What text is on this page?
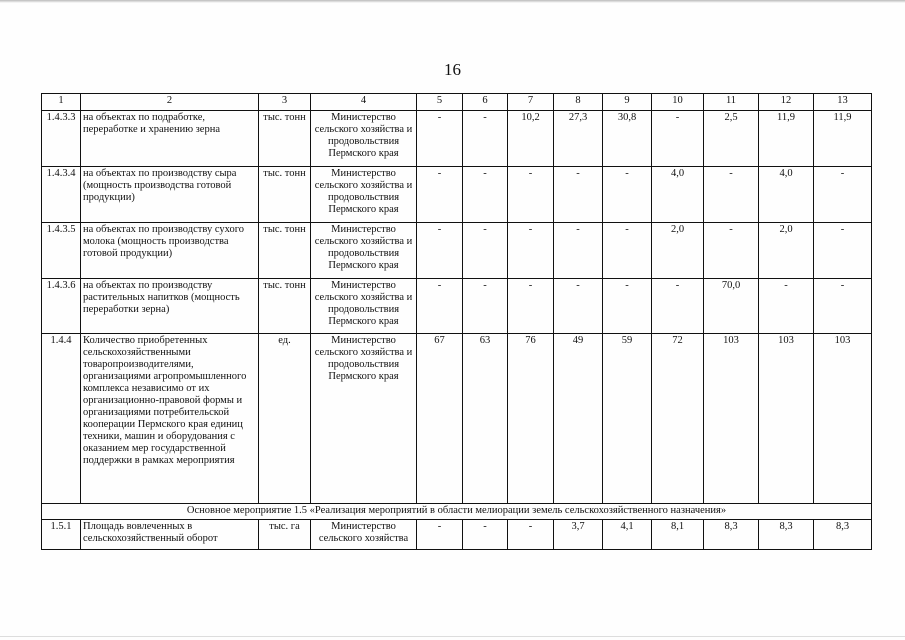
16
1	2	3	4	5	6	7	8	9	10	11	12	13
1.4.3.3	на объектах по подработке, переработке и хранению зерна	тыс. тонн	Министерство сельского хозяйства и продовольствия Пермского края	-	-	10,2	27,3	30,8	-	2,5	11,9	11,9
1.4.3.4	на объектах по производству сыра (мощность производства готовой продукции)	тыс. тонн	Министерство сельского хозяйства и продовольствия Пермского края	-	-	-	-	-	4,0	-	4,0	-
1.4.3.5	на объектах по производству сухого молока (мощность производства готовой продукции)	тыс. тонн	Министерство сельского хозяйства и продовольствия Пермского края	-	-	-	-	-	2,0	-	2,0	-
1.4.3.6	на объектах по производству растительных напитков (мощность переработки зерна)	тыс. тонн	Министерство сельского хозяйства и продовольствия Пермского края	-	-	-	-	-	-	70,0	-	-
1.4.4	Количество приобретенных сельскохозяйственными товаропроизводителями, организациями агропромышленного комплекса независимо от их организационно-правовой формы и организациями потребительской кооперации Пермского края единиц техники, машин и оборудования с оказанием мер государственной поддержки в рамках мероприятия	ед.	Министерство сельского хозяйства и продовольствия Пермского края	67	63	76	49	59	72	103	103	103
Основное мероприятие 1.5 «Реализация мероприятий в области мелиорации земель сельскохозяйственного назначения»												
1.5.1	Площадь вовлеченных в сельскохозяйственный оборот	тыс. га	Министерство сельского хозяйства	-	-	-	3,7	4,1	8,1	8,3	8,3	8,3
